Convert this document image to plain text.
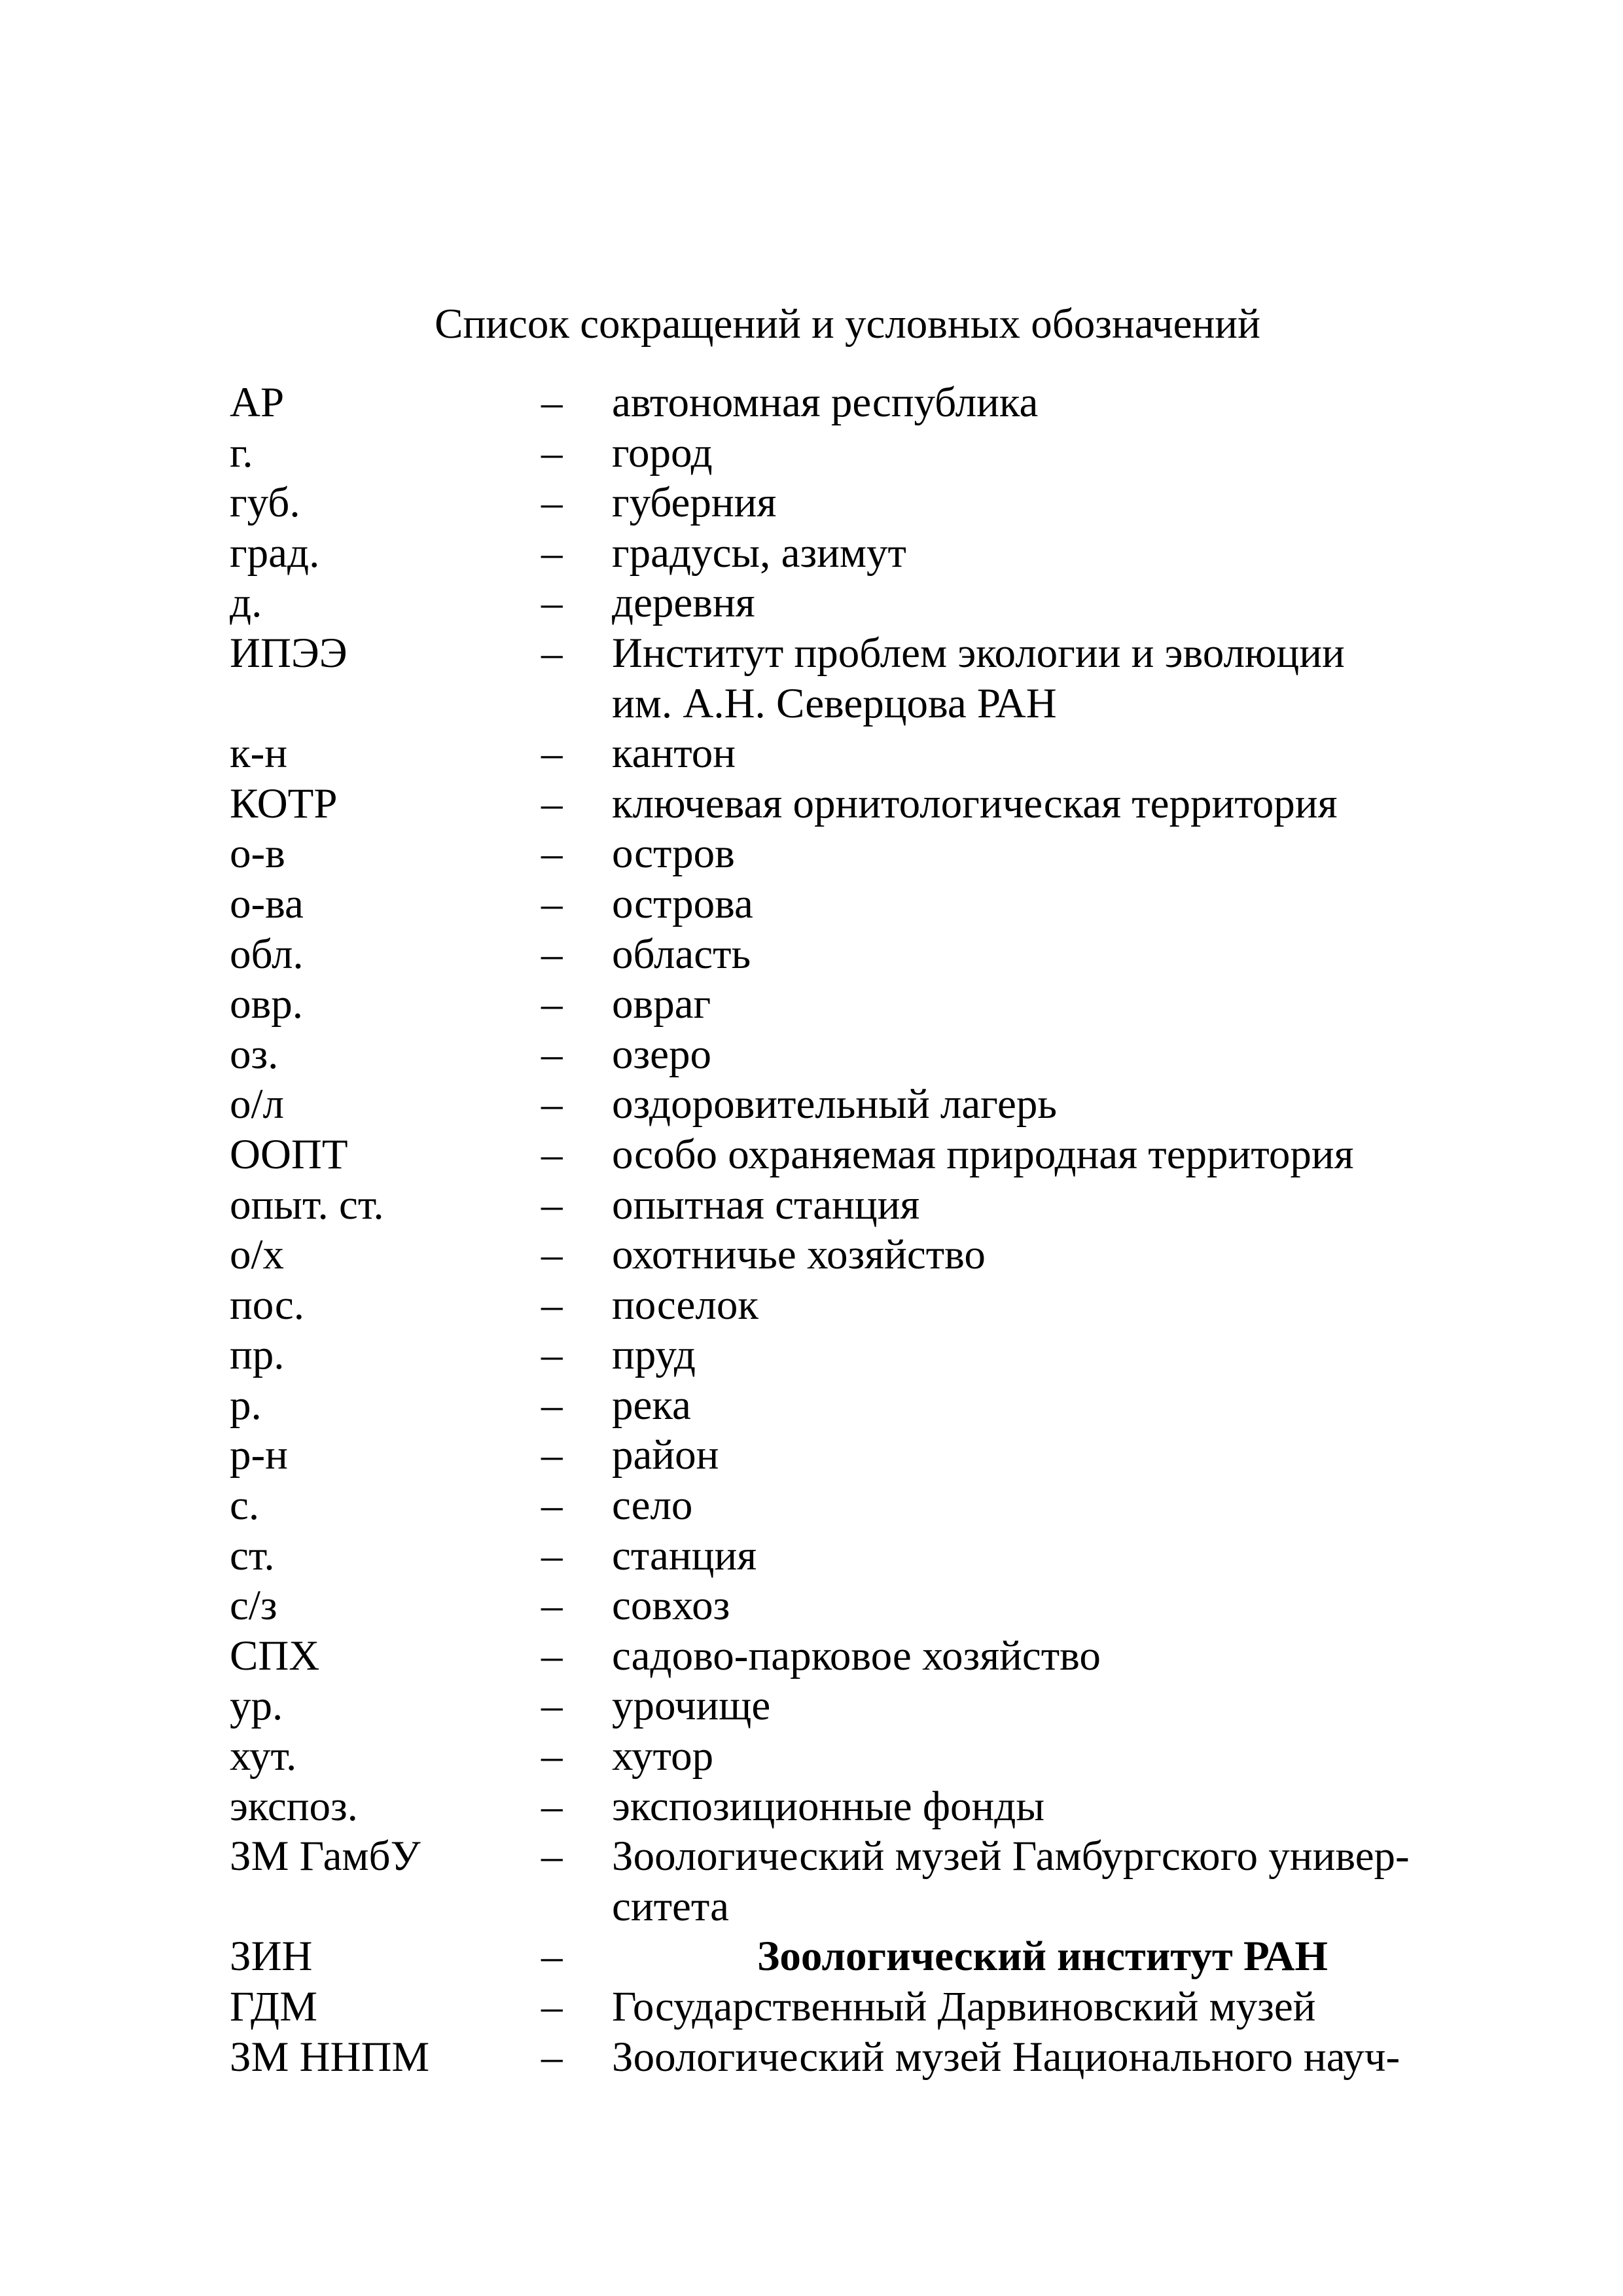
Список сокращений и условных обозначений
АР	–	автономная республика
г.	–	город
губ.	–	губерния
град.	–	градусы, азимут
д.	–	деревня
ИПЭЭ	–	Институт проблем экологии и эволюции
им. А.Н. Северцова РАН
к-н	–	кантон
КОТР	–	ключевая орнитологическая территория
о-в	–	остров
о-ва	–	острова
обл.	–	область
овр.	–	овраг
оз.	–	озеро
о/л	–	оздоровительный лагерь
ООПТ	–	особо охраняемая природная территория
опыт. ст.	–	опытная станция
о/х	–	охотничье хозяйство
пос.	–	поселок
пр.	–	пруд
р.	–	река
р-н	–	район
с.	–	село
ст.	–	станция
с/з	–	совхоз
СПХ	–	садово-парковое хозяйство
ур.	–	урочище
хут.	–	хутор
экспоз.	–	экспозиционные фонды
ЗМ ГамбУ	–	Зоологический музей Гамбургского универ-
ситета
ЗИН	–	Зоологический институт РАН
ГДМ	–	Государственный Дарвиновский музей
ЗМ ННПМ	–	Зоологический музей Национального науч-
